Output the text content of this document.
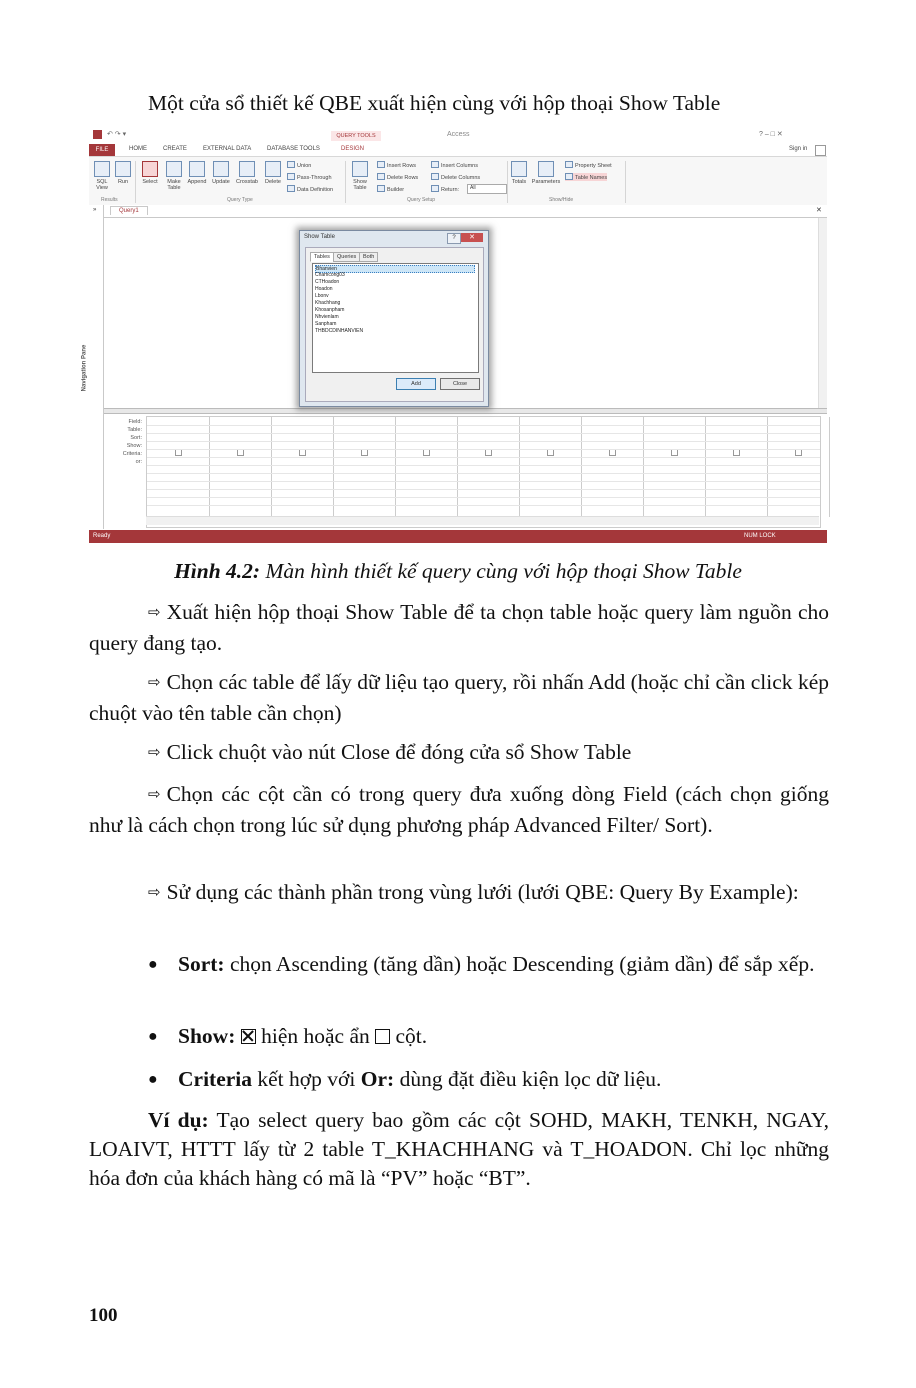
Một cửa sổ thiết kế QBE xuất hiện cùng với hộp thoại Show Table
↶ ↷ ▾	Access	? – □ ✕
FILE
QUERY TOOLS
HOME	CREATE	EXTERNAL DATA	DATABASE TOOLS	DESIGN	Sign in
SQL View
Run	Select	Make Table
Append	Update	Crosstab	Delete
Union
Pass-Through
Data Definition
Show Table
Insert Rows
Delete Rows
Builder
Insert Columns
Delete Columns
Return:	All
Totals	Parameters
Property Sheet
Table Names
Results	Query Type	Query Setup	Show/Hide
»
Navigation Pane
Query1	✕
Field:
Table:
Sort:
Show:
Criteria:
or:
Ready	NUM LOCK
Show Table	?	✕
Tables	Queries	Both
Bhanvien
Chamcong03
CTHoadon
Hoadon
Lbonv
Khachhang
Khosanpham
Nhvienlam
Sanpham
THBDCDINHANVIEN
Add	Close
Hình 4.2: Màn hình thiết kế query cùng với hộp thoại Show Table
⇨ Xuất hiện hộp thoại Show Table để ta chọn table hoặc query làm nguồn cho query đang tạo.
⇨ Chọn các table để lấy dữ liệu tạo query, rồi nhấn Add (hoặc chỉ cần click kép chuột vào tên table cần chọn)
⇨ Click chuột vào nút Close để đóng cửa sổ Show Table
⇨ Chọn các cột cần có trong query đưa xuống dòng Field (cách chọn giống như là cách chọn trong lúc sử dụng phương pháp Advanced Filter/ Sort).
⇨ Sử dụng các thành phần trong vùng lưới (lưới QBE: Query By Example):
● Sort: chọn Ascending (tăng dần) hoặc Descending (giảm dần) để sắp xếp.
● Show:  hiện hoặc ẩn  cột.
● Criteria kết hợp với Or: dùng đặt điều kiện lọc dữ liệu.
Ví dụ: Tạo select query bao gồm các cột SOHD, MAKH, TENKH, NGAY, LOAIVT, HTTT lấy từ 2 table T_KHACHHANG và T_HOADON. Chỉ lọc những hóa đơn của khách hàng có mã là “PV” hoặc “BT”.
100
